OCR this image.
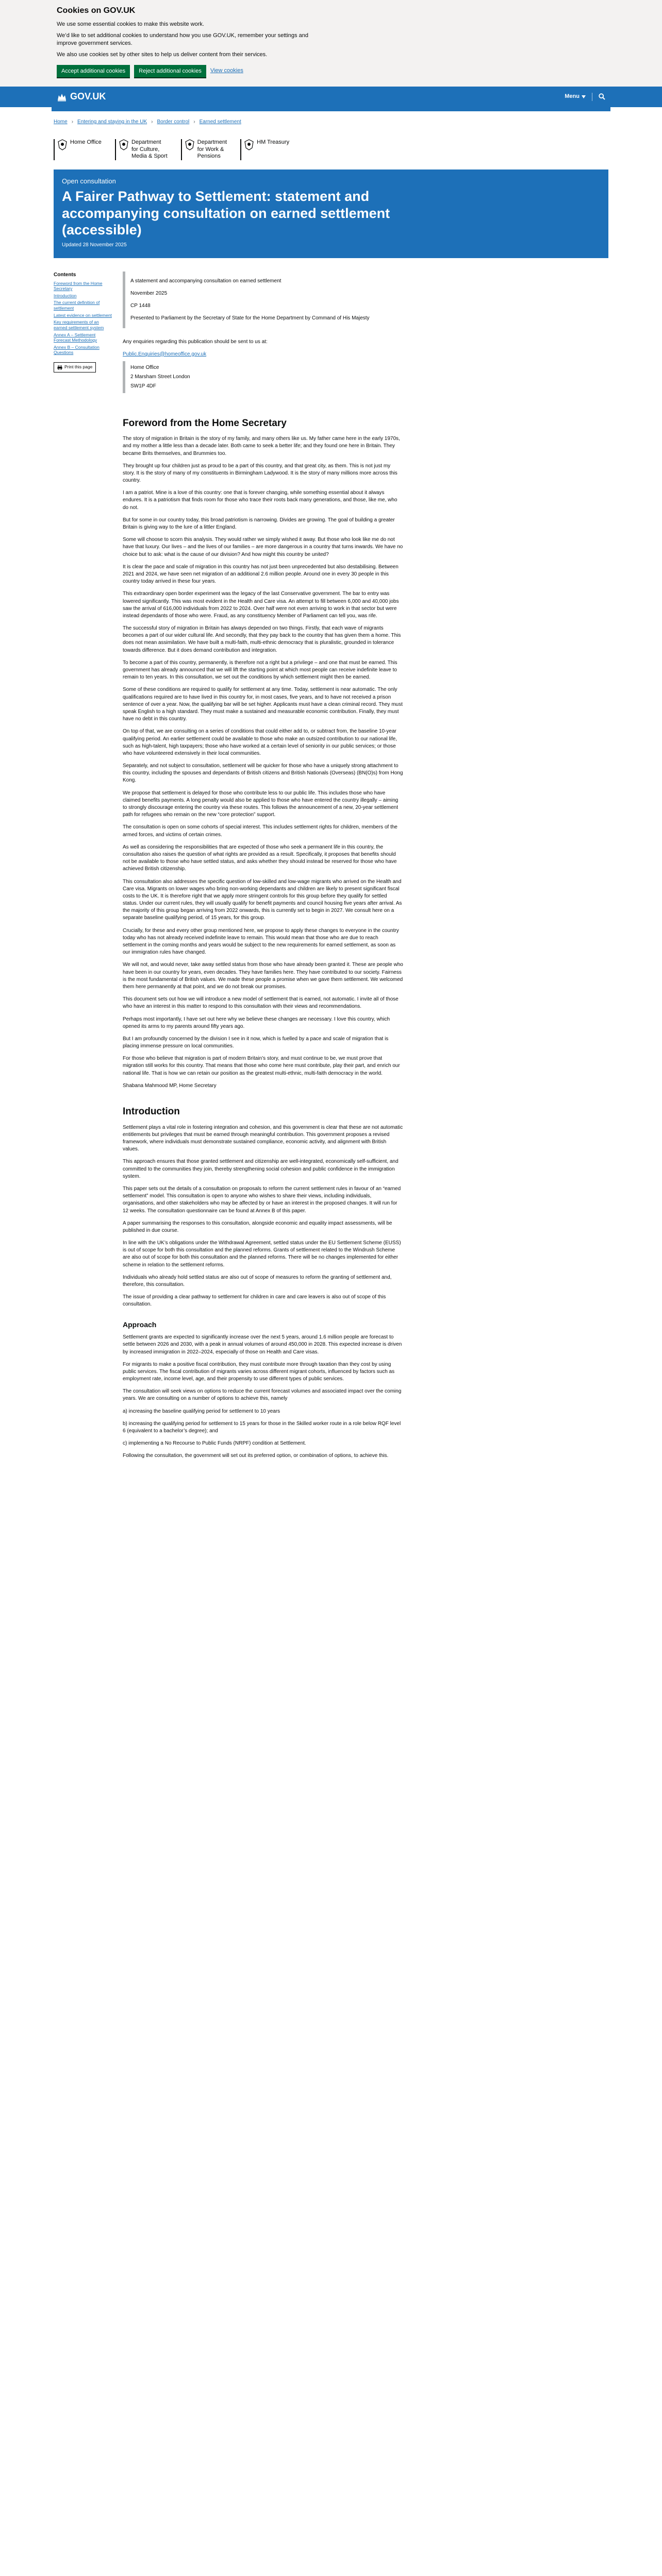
Cookies on GOV.UK

We use some essential cookies to make this website work.

We’d like to set additional cookies to understand how you use GOV.UK, remember your settings and improve government services.

We also use cookies set by other sites to help us deliver content from their services.

Accept additional cookies	Reject additional cookies	View cookies
GOV.UK	Menu
Home › Entering and staying in the UK › Border control › Earned settlement
Home Office	Department
for Culture,
Media & Sport
Department
for Work &
Pensions
HM Treasury
Open consultation
A Fairer Pathway to Settlement: statement and accompanying consultation on earned settlement (accessible)
Updated 28 November 2025
Contents
Foreword from the Home Secretary
Introduction
The current definition of settlement
Latest evidence on settlement
Key requirements of an earned settlement system
Annex A – Settlement Forecast Methodology
Annex B – Consultation Questions
Print this page

A statement and accompanying consultation on earned settlement

November 2025

CP 1448

Presented to Parliament by the Secretary of State for the Home Department by Command of His Majesty

Any enquiries regarding this publication should be sent to us at:

Public.Enquiries@homeoffice.gov.uk

Home Office

2 Marsham Street London

SW1P 4DF

Foreword from the Home Secretary

The story of migration in Britain is the story of my family, and many others like us. My father came here in the early 1970s, and my mother a little less than a decade later. Both came to seek a better life; and they found one here in Britain. They became Brits themselves, and Brummies too.

They brought up four children just as proud to be a part of this country, and that great city, as them. This is not just my story. It is the story of many of my constituents in Birmingham Ladywood. It is the story of many millions more across this country.

I am a patriot. Mine is a love of this country: one that is forever changing, while something essential about it always endures. It is a patriotism that finds room for those who trace their roots back many generations, and those, like me, who do not.

But for some in our country today, this broad patriotism is narrowing. Divides are growing. The goal of building a greater Britain is giving way to the lure of a littler England.

Some will choose to scorn this analysis. They would rather we simply wished it away. But those who look like me do not have that luxury. Our lives – and the lives of our families – are more dangerous in a country that turns inwards. We have no choice but to ask: what is the cause of our division? And how might this country be united?

It is clear the pace and scale of migration in this country has not just been unprecedented but also destabilising. Between 2021 and 2024, we have seen net migration of an additional 2.6 million people. Around one in every 30 people in this country today arrived in these four years.

This extraordinary open border experiment was the legacy of the last Conservative government. The bar to entry was lowered significantly. This was most evident in the Health and Care visa. An attempt to fill between 6,000 and 40,000 jobs saw the arrival of 616,000 individuals from 2022 to 2024. Over half were not even arriving to work in that sector but were instead dependants of those who were. Fraud, as any constituency Member of Parliament can tell you, was rife.

The successful story of migration in Britain has always depended on two things. Firstly, that each wave of migrants becomes a part of our wider cultural life. And secondly, that they pay back to the country that has given them a home. This does not mean assimilation. We have built a multi-faith, multi-ethnic democracy that is pluralistic, grounded in tolerance towards difference. But it does demand contribution and integration.

To become a part of this country, permanently, is therefore not a right but a privilege – and one that must be earned. This government has already announced that we will lift the starting point at which most people can receive indefinite leave to remain to ten years. In this consultation, we set out the conditions by which settlement might then be earned.

Some of these conditions are required to qualify for settlement at any time. Today, settlement is near automatic. The only qualifications required are to have lived in this country for, in most cases, five years, and to have not received a prison sentence of over a year. Now, the qualifying bar will be set higher. Applicants must have a clean criminal record. They must speak English to a high standard. They must make a sustained and measurable economic contribution. Finally, they must have no debt in this country.

On top of that, we are consulting on a series of conditions that could either add to, or subtract from, the baseline 10-year qualifying period. An earlier settlement could be available to those who make an outsized contribution to our national life, such as high-talent, high taxpayers; those who have worked at a certain level of seniority in our public services; or those who have volunteered extensively in their local communities.

Separately, and not subject to consultation, settlement will be quicker for those who have a uniquely strong attachment to this country, including the spouses and dependants of British citizens and British Nationals (Overseas) (BN(O)s) from Hong Kong.

We propose that settlement is delayed for those who contribute less to our public life. This includes those who have claimed benefits payments. A long penalty would also be applied to those who have entered the country illegally – aiming to strongly discourage entering the country via these routes. This follows the announcement of a new, 20-year settlement path for refugees who remain on the new “core protection” support.

The consultation is open on some cohorts of special interest. This includes settlement rights for children, members of the armed forces, and victims of certain crimes.

As well as considering the responsibilities that are expected of those who seek a permanent life in this country, the consultation also raises the question of what rights are provided as a result. Specifically, it proposes that benefits should not be available to those who have settled status, and asks whether they should instead be reserved for those who have achieved British citizenship.

This consultation also addresses the specific question of low-skilled and low-wage migrants who arrived on the Health and Care visa. Migrants on lower wages who bring non-working dependants and children are likely to present significant fiscal costs to the UK. It is therefore right that we apply more stringent controls for this group before they qualify for settled status. Under our current rules, they will usually qualify for benefit payments and council housing five years after arrival. As the majority of this group began arriving from 2022 onwards, this is currently set to begin in 2027. We consult here on a separate baseline qualifying period, of 15 years, for this group.

Crucially, for these and every other group mentioned here, we propose to apply these changes to everyone in the country today who has not already received indefinite leave to remain. This would mean that those who are due to reach settlement in the coming months and years would be subject to the new requirements for earned settlement, as soon as our immigration rules have changed.

We will not, and would never, take away settled status from those who have already been granted it. These are people who have been in our country for years, even decades. They have families here. They have contributed to our society. Fairness is the most fundamental of British values. We made these people a promise when we gave them settlement. We welcomed them here permanently at that point, and we do not break our promises.

This document sets out how we will introduce a new model of settlement that is earned, not automatic. I invite all of those who have an interest in this matter to respond to this consultation with their views and recommendations.

Perhaps most importantly, I have set out here why we believe these changes are necessary. I love this country, which opened its arms to my parents around fifty years ago.

But I am profoundly concerned by the division I see in it now, which is fuelled by a pace and scale of migration that is placing immense pressure on local communities.

For those who believe that migration is part of modern Britain’s story, and must continue to be, we must prove that migration still works for this country. That means that those who come here must contribute, play their part, and enrich our national life. That is how we can retain our position as the greatest multi-ethnic, multi-faith democracy in the world.

Shabana Mahmood MP, Home Secretary

Introduction

Settlement plays a vital role in fostering integration and cohesion, and this government is clear that these are not automatic entitlements but privileges that must be earned through meaningful contribution. This government proposes a revised framework, where individuals must demonstrate sustained compliance, economic activity, and alignment with British values.

This approach ensures that those granted settlement and citizenship are well-integrated, economically self-sufficient, and committed to the communities they join, thereby strengthening social cohesion and public confidence in the immigration system.

This paper sets out the details of a consultation on proposals to reform the current settlement rules in favour of an “earned settlement” model. This consultation is open to anyone who wishes to share their views, including individuals, organisations, and other stakeholders who may be affected by or have an interest in the proposed changes. It will run for 12 weeks. The consultation questionnaire can be found at Annex B of this paper.

A paper summarising the responses to this consultation, alongside economic and equality impact assessments, will be published in due course.

In line with the UK’s obligations under the Withdrawal Agreement, settled status under the EU Settlement Scheme (EUSS) is out of scope for both this consultation and the planned reforms. Grants of settlement related to the Windrush Scheme are also out of scope for both this consultation and the planned reforms. There will be no changes implemented for either scheme in relation to the settlement reforms.

Individuals who already hold settled status are also out of scope of measures to reform the granting of settlement and, therefore, this consultation.

The issue of providing a clear pathway to settlement for children in care and care leavers is also out of scope of this consultation.

Approach

Settlement grants are expected to significantly increase over the next 5 years, around 1.6 million people are forecast to settle between 2026 and 2030, with a peak in annual volumes of around 450,000 in 2028. This expected increase is driven by increased immigration in 2022–2024, especially of those on Health and Care visas.

For migrants to make a positive fiscal contribution, they must contribute more through taxation than they cost by using public services. The fiscal contribution of migrants varies across different migrant cohorts, influenced by factors such as employment rate, income level, age, and their propensity to use different types of public services.

The consultation will seek views on options to reduce the current forecast volumes and associated impact over the coming years. We are consulting on a number of options to achieve this, namely

a) increasing the baseline qualifying period for settlement to 10 years

b) increasing the qualifying period for settlement to 15 years for those in the Skilled worker route in a role below RQF level 6 (equivalent to a bachelor’s degree); and

c) implementing a No Recourse to Public Funds (NRPF) condition at Settlement.

Following the consultation, the government will set out its preferred option, or combination of options, to achieve this.
